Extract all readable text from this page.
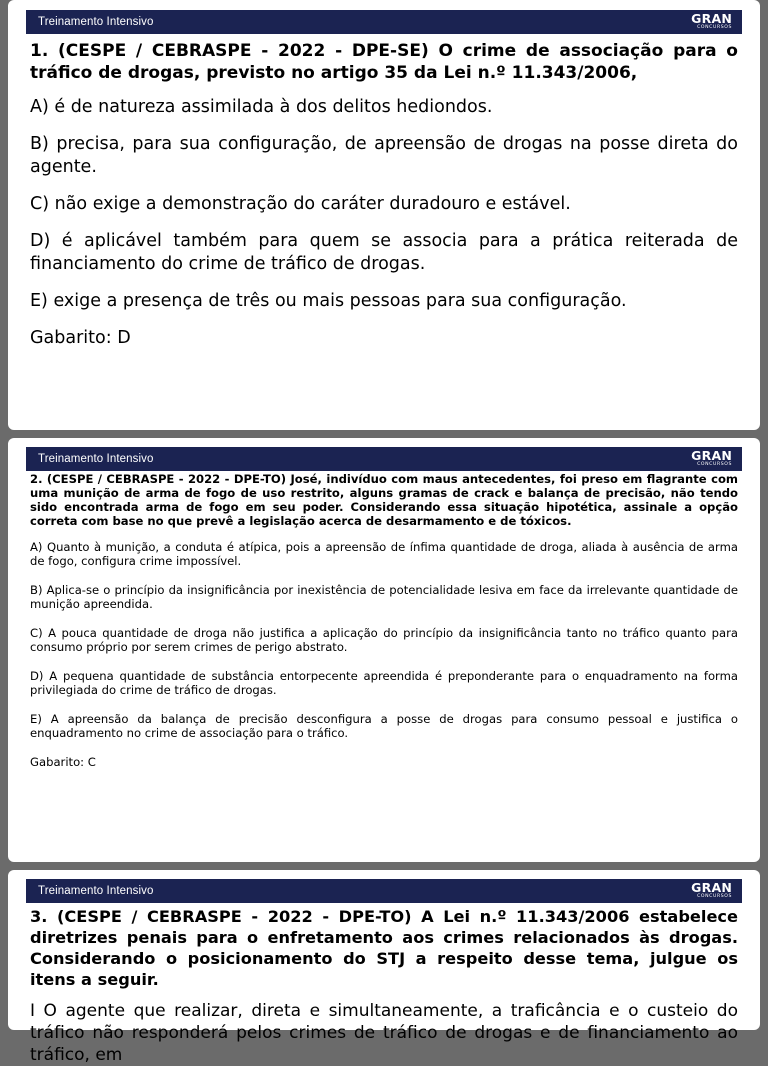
Treinamento Intensivo	GRAN
CONCURSOS

1. (CESPE / CEBRASPE - 2022 - DPE-SE) O crime de associação para o tráfico de drogas, previsto no artigo 35 da Lei n.º 11.343/2006,

A) é de natureza assimilada à dos delitos hediondos.

B) precisa, para sua configuração, de apreensão de drogas na posse direta do agente.

C) não exige a demonstração do caráter duradouro e estável.

D) é aplicável também para quem se associa para a prática reiterada de financiamento do crime de tráfico de drogas.

E) exige a presença de três ou mais pessoas para sua configuração.

Gabarito: D

Treinamento Intensivo	GRAN
CONCURSOS

2. (CESPE / CEBRASPE - 2022 - DPE-TO) José, indivíduo com maus antecedentes, foi preso em flagrante com uma munição de arma de fogo de uso restrito, alguns gramas de crack e balança de precisão, não tendo sido encontrada arma de fogo em seu poder. Considerando essa situação hipotética, assinale a opção correta com base no que prevê a legislação acerca de desarmamento e de tóxicos.

A) Quanto à munição, a conduta é atípica, pois a apreensão de ínfima quantidade de droga, aliada à ausência de arma de fogo, configura crime impossível.

B) Aplica-se o princípio da insignificância por inexistência de potencialidade lesiva em face da irrelevante quantidade de munição apreendida.

C) A pouca quantidade de droga não justifica a aplicação do princípio da insignificância tanto no tráfico quanto para consumo próprio por serem crimes de perigo abstrato.

D) A pequena quantidade de substância entorpecente apreendida é preponderante para o enquadramento na forma privilegiada do crime de tráfico de drogas.

E) A apreensão da balança de precisão desconfigura a posse de drogas para consumo pessoal e justifica o enquadramento no crime de associação para o tráfico.

Gabarito: C

Treinamento Intensivo	GRAN
CONCURSOS

3. (CESPE / CEBRASPE - 2022 - DPE-TO) A Lei n.º 11.343/2006 estabelece diretrizes penais para o enfretamento aos crimes relacionados às drogas. Considerando o posicionamento do STJ a respeito desse tema, julgue os itens a seguir.

I O agente que realizar, direta e simultaneamente, a traficância e o custeio do tráfico não responderá pelos crimes de tráfico de drogas e de financiamento ao tráfico, em
